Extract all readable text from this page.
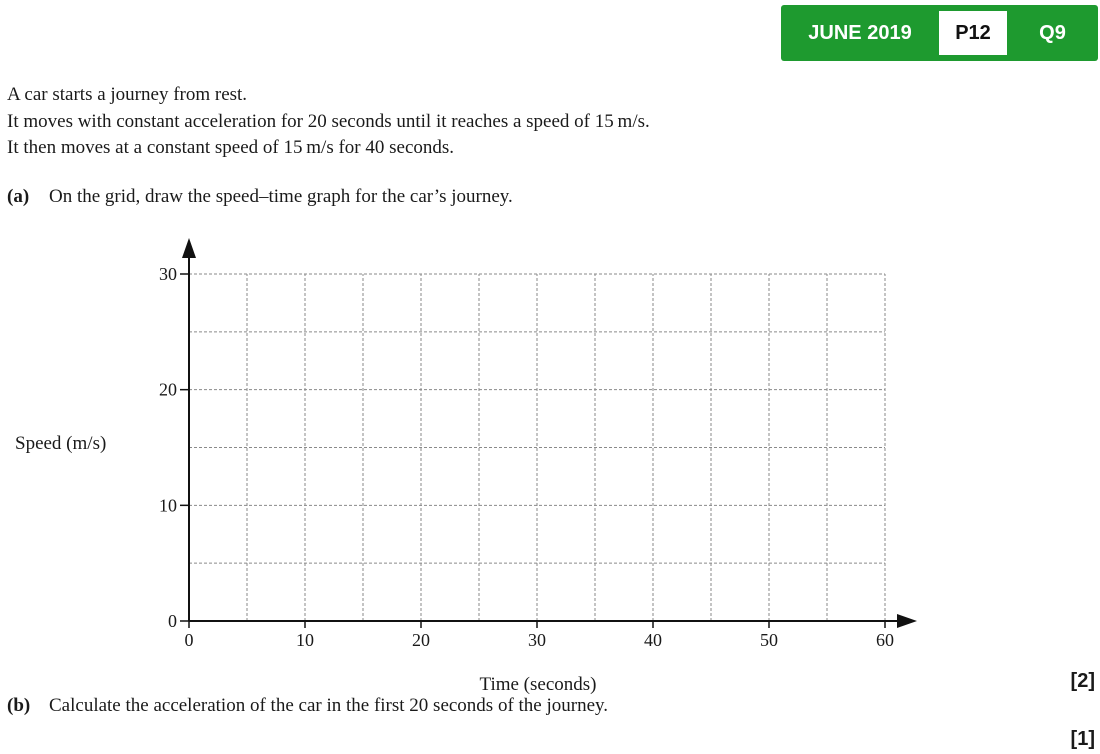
JUNE 2019	P12	Q9
A car starts a journey from rest.
It moves with constant acceleration for 20 seconds until it reaches a speed of 15 m/s.
It then moves at a constant speed of 15 m/s for 40 seconds.
(a) On the grid, draw the speed–time graph for the car’s journey.
0
10
20
30
0	10	20	30	40	50	60
Time (seconds)
Speed (m/s)
[2]
(b) Calculate the acceleration of the car in the first 20 seconds of the journey.
[1]
